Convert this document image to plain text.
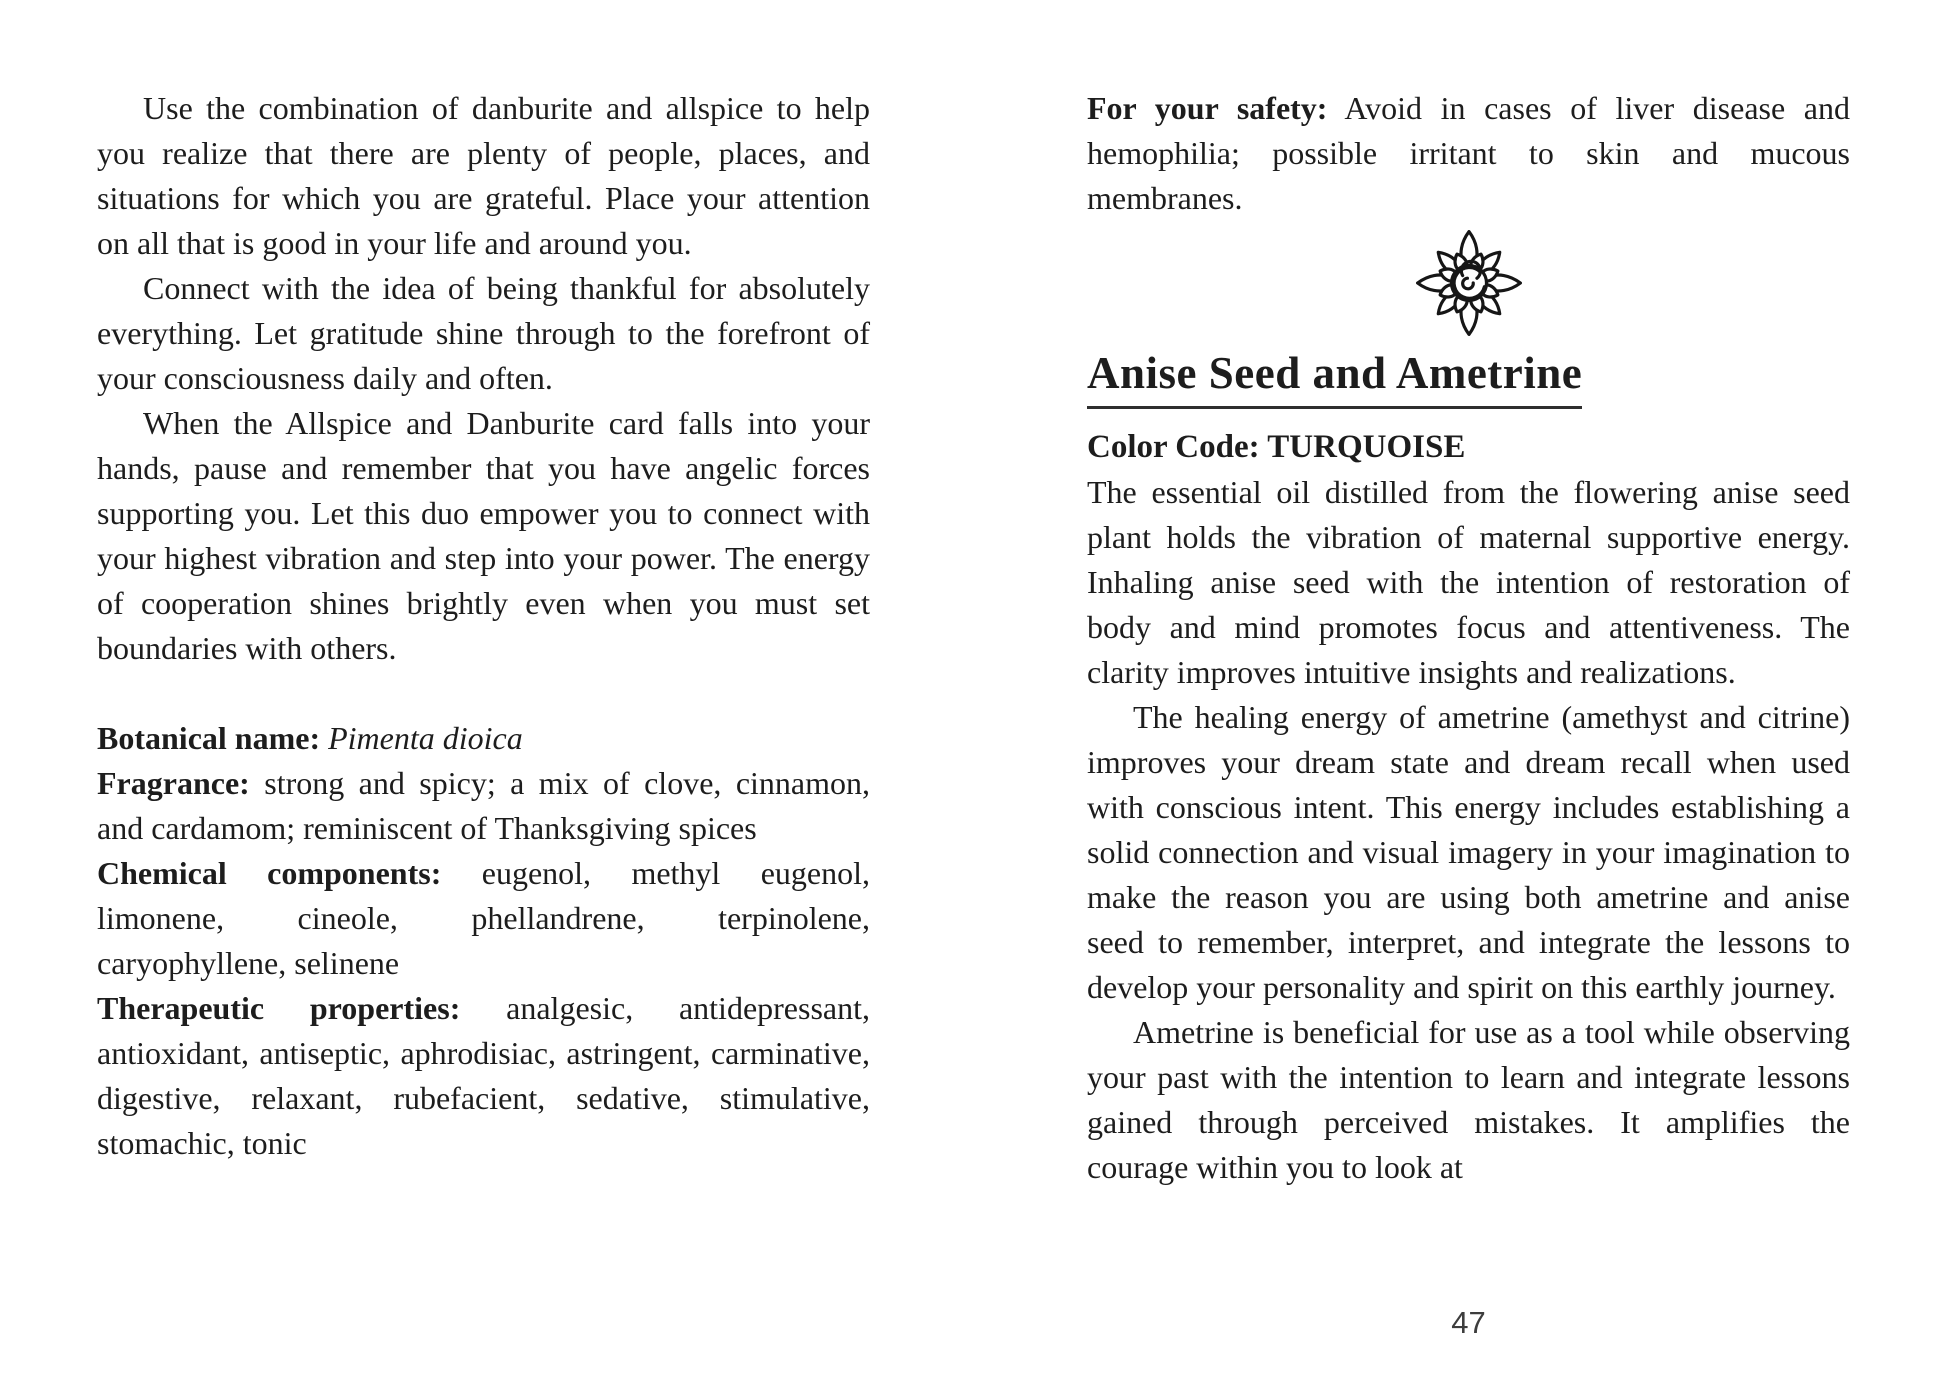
Use the combination of danburite and allspice to help you realize that there are plenty of people, places, and situations for which you are grateful. Place your attention on all that is good in your life and around you.

Connect with the idea of being thankful for absolutely everything. Let gratitude shine through to the forefront of your consciousness daily and often.

When the Allspice and Danburite card falls into your hands, pause and remember that you have angelic forces supporting you. Let this duo empower you to connect with your highest vibration and step into your power. The energy of cooperation shines brightly even when you must set boundaries with others.

Botanical name: Pimenta dioica

Fragrance: strong and spicy; a mix of clove, cinnamon, and cardamom; reminiscent of Thanksgiving spices

Chemical components: eugenol, methyl eugenol, limonene, cineole, phellandrene, terpinolene, caryophyllene, selinene

Therapeutic properties: analgesic, antidepressant, antioxidant, antiseptic, aphrodisiac, astringent, carminative, digestive, relaxant, rubefacient, sedative, stimulative, stomachic, tonic

For your safety: Avoid in cases of liver disease and hemophilia; possible irritant to skin and mucous membranes.

Anise Seed and Ametrine

Color Code: TURQUOISE

The essential oil distilled from the flowering anise seed plant holds the vibration of maternal supportive energy. Inhaling anise seed with the intention of restoration of body and mind promotes focus and attentiveness. The clarity improves intuitive insights and realizations.

The healing energy of ametrine (amethyst and citrine) improves your dream state and dream recall when used with conscious intent. This energy includes establishing a solid connection and visual imagery in your imagination to make the reason you are using both ametrine and anise seed to remember, interpret, and integrate the lessons to develop your personality and spirit on this earthly journey.

Ametrine is beneficial for use as a tool while observing your past with the intention to learn and integrate lessons gained through perceived mistakes. It amplifies the courage within you to look at

47
